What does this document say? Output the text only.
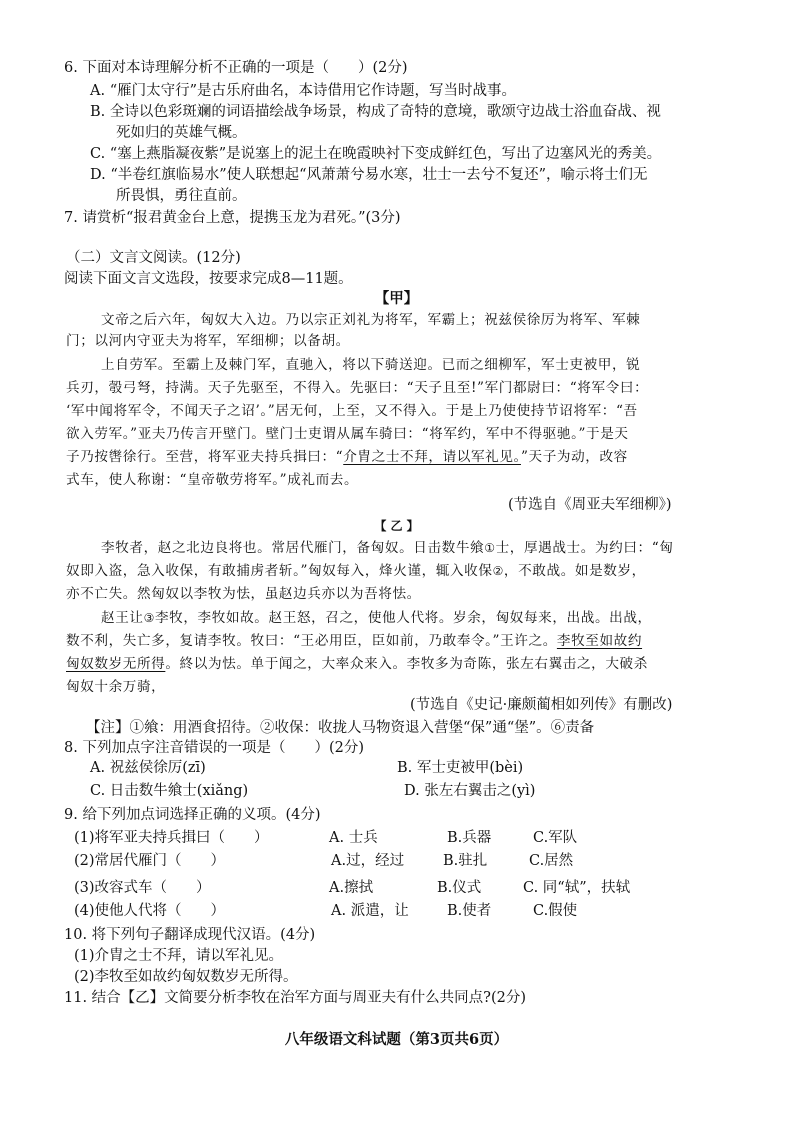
6. 下面对本诗理解分析不正确的一项是（　　）(2分)
A. “雁门太守行”是古乐府曲名，本诗借用它作诗题，写当时战事。
B. 全诗以色彩斑斓的词语描绘战争场景，构成了奇特的意境，歌颂守边战士浴血奋战、视
死如归的英雄气概。
C. “塞上燕脂凝夜紫”是说塞上的泥土在晚霞映衬下变成鲜红色，写出了边塞风光的秀美。
D. “半卷红旗临易水”使人联想起“风萧萧兮易水寒，壮士一去兮不复还”，喻示将士们无
所畏惧，勇往直前。
7. 请赏析“报君黄金台上意，提携玉龙为君死。”(3分)
（二）文言文阅读。(12分)
阅读下面文言文选段，按要求完成8—11题。
【甲】
文帝之后六年，匈奴大入边。乃以宗正刘礼为将军，军霸上；祝兹侯徐厉为将军、军棘
门；以河内守亚夫为将军，军细柳；以备胡。
上自劳军。至霸上及棘门军，直驰入，将以下骑送迎。已而之细柳军，军士吏被甲，锐
兵刃，彀弓弩，持满。天子先驱至，不得入。先驱曰：“天子且至!”军门都尉曰：“将军令曰：
‘军中闻将军令，不闻天子之诏’。”居无何，上至，又不得入。于是上乃使使持节诏将军：“吾
欲入劳军。”亚夫乃传言开壁门。壁门士吏谓从属车骑曰：“将军约，军中不得驱驰。”于是天
子乃按辔徐行。至营，将军亚夫持兵揖曰：“介胄之士不拜，请以军礼见。”天子为动，改容
式车，使人称谢：“皇帝敬劳将军。”成礼而去。
(节选自《周亚夫军细柳》)
【 乙 】
李牧者，赵之北边良将也。常居代雁门，备匈奴。日击数牛飨①士，厚遇战士。为约曰：“匈
奴即入盗，急入收保，有敢捕虏者斩。”匈奴每入，烽火谨，辄入收保②，不敢战。如是数岁，
亦不亡失。然匈奴以李牧为怯，虽赵边兵亦以为吾将怯。
赵王让③李牧，李牧如故。赵王怒，召之，使他人代将。岁余，匈奴每来，出战。出战，
数不利，失亡多，复请李牧。牧曰：“王必用臣，臣如前，乃敢奉令。”王许之。李牧至如故约
匈奴数岁无所得。終以为怯。单于闻之，大率众来入。李牧多为奇陈，张左右翼击之，大破杀
匈奴十余万骑，
(节选自《史记·廉颇蔺相如列传》有删改)
【注】①飨：用酒食招待。②收保：收拢人马物资退入营堡“保”通“堡”。⑥责备
8. 下列加点字注音错误的一项是（　　）(2分)
A. 祝兹侯徐厉(zī)	B. 军士吏被甲(bèi)
C. 日击数牛飨士(xiǎng)	D. 张左右翼击之(yì)
9. 给下列加点词选择正确的义项。(4分)
(1)将军亚夫持兵揖曰（　　）	A. 士兵	B.兵器	C.军队
(2)常居代雁门（　　）	A.过，经过	B.驻扎	C.居然
(3)改容式车（　　）	A.擦拭	B.仪式	C. 同“轼”，扶轼
(4)使他人代将（　　）	A. 派遣，让	B.使者	C.假使
10. 将下列句子翻译成现代汉语。(4分)
(1)介胄之士不拜，请以军礼见。
(2)李牧至如故约匈奴数岁无所得。
11. 结合【乙】文简要分析李牧在治军方面与周亚夫有什么共同点?(2分)
八年级语文科试题（第3页共6页）
